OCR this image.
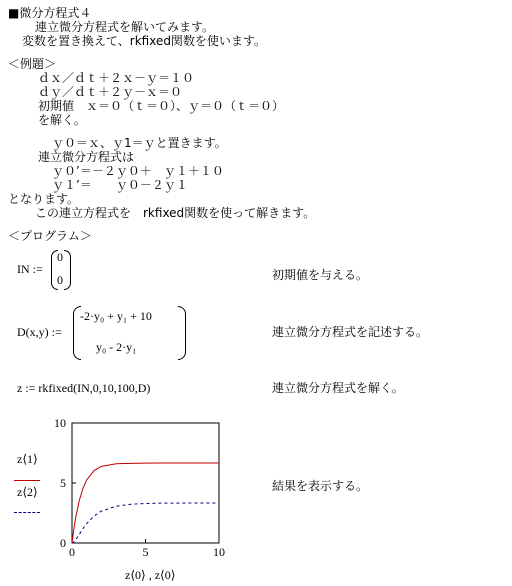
■微分方程式４
連立微分方程式を解いてみます。
変数を置き換えて、rkfixed関数を使います。
＜例題＞
ｄｘ／ｄｔ＋２ｘ－ｙ＝１０
ｄｙ／ｄｔ＋２ｙ－ｘ＝０
初期値　ｘ＝０（ｔ＝０）、ｙ＝０（ｔ＝０）
を解く。
ｙ０＝ｘ、ｙ1＝ｙと置きます。
連立微分方程式は
ｙ０’＝－２ｙ０＋　ｙ１＋１０
ｙ１’＝　　ｙ０－２ｙ１
となります。
この連立方程式を　rkfixed関数を使って解きます。
＜プログラム＞
IN :=
0
0	初期値を与える。
D(x,y) :=
-2·y₀ + y₁ + 10
y₀ - 2·y₁
連立微分方程式を記述する。
z := rkfixed(IN,0,10,100,D)	連立微分方程式を解く。
0	5	10
0
5
10
z⟨1⟩
z⟨2⟩
z⟨0⟩ , z⟨0⟩
結果を表示する。
